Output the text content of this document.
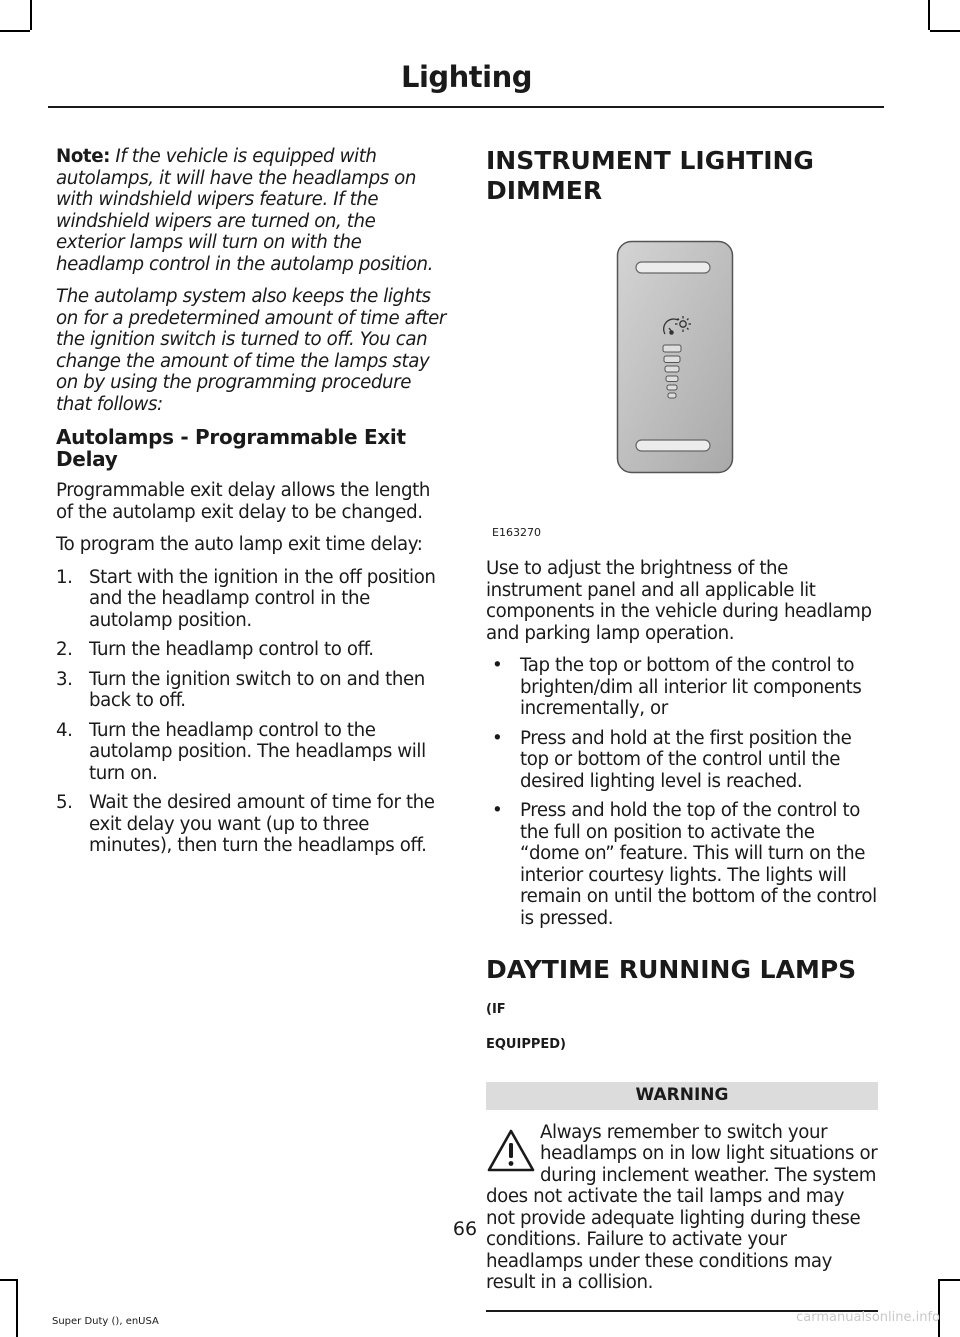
Lighting

Note: If the vehicle is equipped with autolamps, it will have the headlamps on with windshield wipers feature. If the windshield wipers are turned on, the exterior lamps will turn on with the headlamp control in the autolamp position.

The autolamp system also keeps the lights on for a predetermined amount of time after the ignition switch is turned to off. You can change the amount of time the lamps stay on by using the programming procedure that follows:

Autolamps - Programmable Exit Delay

Programmable exit delay allows the length of the autolamp exit delay to be changed.

To program the auto lamp exit time delay:

1. Start with the ignition in the off position and the headlamp control in the autolamp position.
2. Turn the headlamp control to off.
3. Turn the ignition switch to on and then back to off.
4. Turn the headlamp control to the autolamp position. The headlamps will turn on.
5. Wait the desired amount of time for the exit delay you want (up to three minutes), then turn the headlamps off.
INSTRUMENT LIGHTING
DIMMER
E163270

Use to adjust the brightness of the instrument panel and all applicable lit components in the vehicle during headlamp and parking lamp operation.

• Tap the top or bottom of the control to brighten/dim all interior lit components incrementally, or
• Press and hold at the first position the top or bottom of the control until the desired lighting level is reached.
• Press and hold the top of the control to the full on position to activate the “dome on” feature. This will turn on the interior courtesy lights. The lights will remain on until the bottom of the control is pressed.
DAYTIME RUNNING LAMPS (IF
EQUIPPED)
WARNING
Always remember to switch your headlamps on in low light situations or during inclement weather. The system does not activate the tail lamps and may not provide adequate lighting during these conditions. Failure to activate your headlamps under these conditions may result in a collision.
66
Super Duty (), enUSA	carmanualsonline.info
